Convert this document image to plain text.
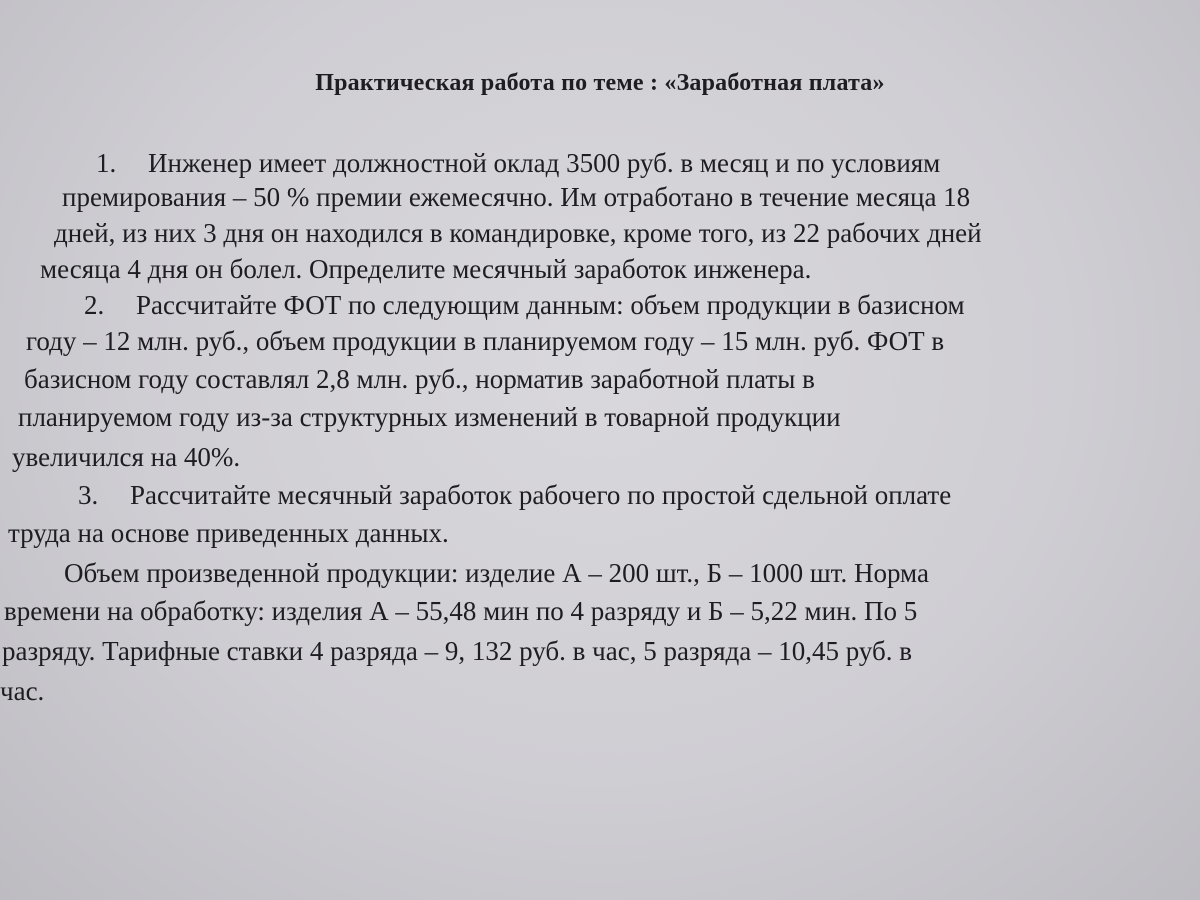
Практическая работа по теме : «Заработная плата»
1. Инженер имеет должностной оклад 3500 руб. в месяц и по условиям
премирования – 50 % премии ежемесячно. Им отработано в течение месяца 18
дней, из них 3 дня он находился в командировке, кроме того, из 22 рабочих дней
месяца 4 дня он болел. Определите месячный заработок инженера.
2. Рассчитайте ФОТ по следующим данным: объем продукции в базисном
году – 12 млн. руб., объем продукции в планируемом году – 15 млн. руб. ФОТ в
базисном году составлял 2,8 млн. руб., норматив заработной платы в
планируемом году из-за структурных изменений в товарной продукции
увеличился на 40%.
3. Рассчитайте месячный заработок рабочего по простой сдельной оплате
труда на основе приведенных данных.
Объем произведенной продукции: изделие А – 200 шт., Б – 1000 шт. Норма
времени на обработку: изделия А – 55,48 мин по 4 разряду и Б – 5,22 мин. По 5
разряду. Тарифные ставки 4 разряда – 9, 132 руб. в час, 5 разряда – 10,45 руб. в
час.
